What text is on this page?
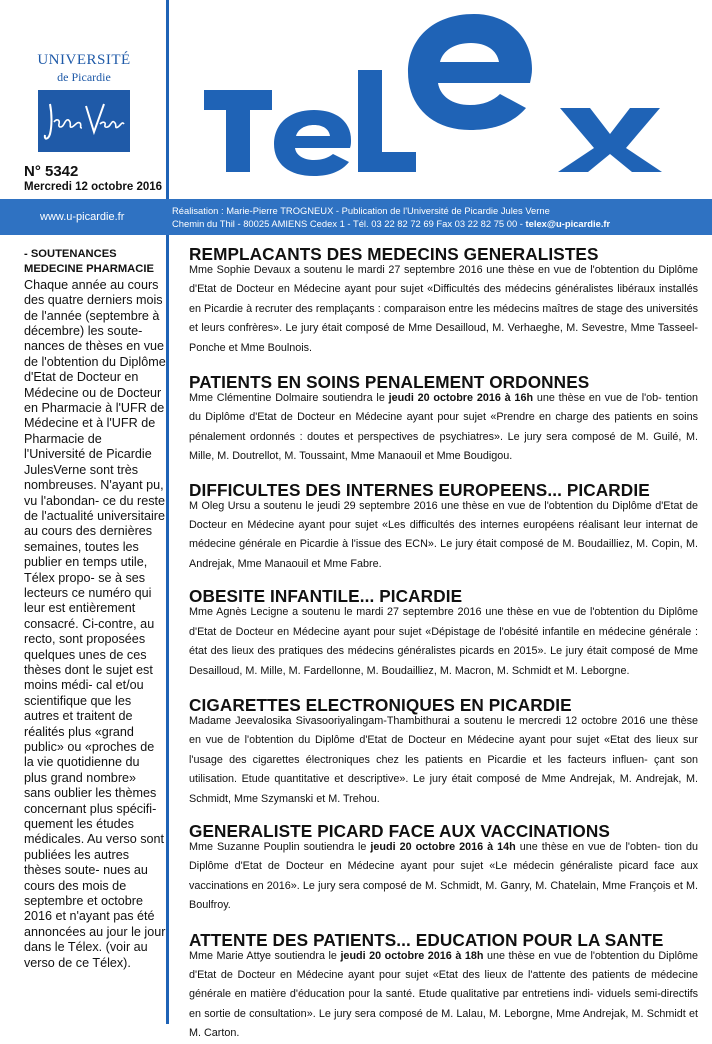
UNIVERSITÉ
de Picardie
N° 5342
Mercredi 12 octobre 2016
www.u-picardie.fr
Réalisation : Marie-Pierre TROGNEUX - Publication de l'Université de Picardie Jules Verne
Chemin du Thil - 80025 AMIENS Cedex 1 - Tél. 03 22 82 72 69 Fax 03 22 82 75 00 - telex@u-picardie.fr
- SOUTENANCES MEDECINE PHARMACIE

Chaque année au cours des quatre derniers mois de l'année (septembre à décembre) les soute- nances de thèses en vue de l'obtention du Diplôme d'Etat de Docteur en Médecine ou de Docteur en Pharmacie à l'UFR de Médecine et à l'UFR de Pharmacie de l'Université de Picardie JulesVerne sont très nombreuses. N'ayant pu, vu l'abondan- ce du reste de l'actualité universitaire au cours des dernières semaines, toutes les publier en temps utile, Télex propo- se à ses lecteurs ce numéro qui leur est entièrement consacré. Ci-contre, au recto, sont proposées quelques unes de ces thèses dont le sujet est moins médi- cal et/ou scientifique que les autres et traitent de réalités plus «grand public» ou «proches de la vie quotidienne du plus grand nombre» sans oublier les thèmes concernant plus spécifi- quement les études médicales. Au verso sont publiées les autres thèses soute- nues au cours des mois de septembre et octobre 2016 et n'ayant pas été annoncées au jour le jour dans le Télex. (voir au verso de ce Télex).

REMPLACANTS DES MEDECINS GENERALISTES

Mme Sophie Devaux a soutenu le mardi 27 septembre 2016 une thèse en vue de l'obtention du Diplôme d'Etat de Docteur en Médecine ayant pour sujet «Difficultés des médecins généralistes libéraux installés en Picardie à recruter des remplaçants : comparaison entre les médecins maîtres de stage des universités et leurs confrères». Le jury était composé de Mme Desailloud, M. Verhaeghe, M. Sevestre, Mme Tasseel-Ponche et Mme Boulnois.

PATIENTS EN SOINS PENALEMENT ORDONNES

Mme Clémentine Dolmaire soutiendra le jeudi 20 octobre 2016 à 16h une thèse en vue de l'ob- tention du Diplôme d'Etat de Docteur en Médecine ayant pour sujet «Prendre en charge des patients en soins pénalement ordonnés : doutes et perspectives de psychiatres». Le jury sera composé de M. Guilé, M. Mille, M. Doutrellot, M. Toussaint, Mme Manaouil et Mme Boudigou.

DIFFICULTES DES INTERNES EUROPEENS... PICARDIE

M Oleg Ursu a soutenu le jeudi 29 septembre 2016 une thèse en vue de l'obtention du Diplôme d'Etat de Docteur en Médecine ayant pour sujet «Les difficultés des internes européens réalisant leur internat de médecine générale en Picardie à l'issue des ECN». Le jury était composé de M. Boudailliez, M. Copin, M. Andrejak, Mme Manaouil et Mme Fabre.

OBESITE INFANTILE... PICARDIE

Mme Agnès Lecigne a soutenu le mardi 27 septembre 2016 une thèse en vue de l'obtention du Diplôme d'Etat de Docteur en Médecine ayant pour sujet «Dépistage de l'obésité infantile en médecine générale : état des lieux des pratiques des médecins généralistes picards en 2015». Le jury était composé de Mme Desailloud, M. Mille, M. Fardellonne, M. Boudailliez, M. Macron, M. Schmidt et M. Leborgne.

CIGARETTES ELECTRONIQUES EN PICARDIE

Madame Jeevalosika Sivasooriyalingam-Thambithurai a soutenu le mercredi 12 octobre 2016 une thèse en vue de l'obtention du Diplôme d'Etat de Docteur en Médecine ayant pour sujet «Etat des lieux sur l'usage des cigarettes électroniques chez les patients en Picardie et les facteurs influen- çant son utilisation. Etude quantitative et descriptive». Le jury était composé de Mme Andrejak, M. Andrejak, M. Schmidt, Mme Szymanski et M. Trehou.

GENERALISTE PICARD FACE AUX VACCINATIONS

Mme Suzanne Pouplin soutiendra le jeudi 20 octobre 2016 à 14h une thèse en vue de l'obten- tion du Diplôme d'Etat de Docteur en Médecine ayant pour sujet «Le médecin généraliste picard face aux vaccinations en 2016». Le jury sera composé de M. Schmidt, M. Ganry, M. Chatelain, Mme François et M. Boulfroy.

ATTENTE DES PATIENTS... EDUCATION POUR LA SANTE

Mme Marie Attye soutiendra le jeudi 20 octobre 2016 à 18h une thèse en vue de l'obtention du Diplôme d'Etat de Docteur en Médecine ayant pour sujet «Etat des lieux de l'attente des patients de médecine générale en matière d'éducation pour la santé. Etude qualitative par entretiens indi- viduels semi-directifs en sortie de consultation». Le jury sera composé de M. Lalau, M. Leborgne, Mme Andrejak, M. Schmidt et M. Carton.
